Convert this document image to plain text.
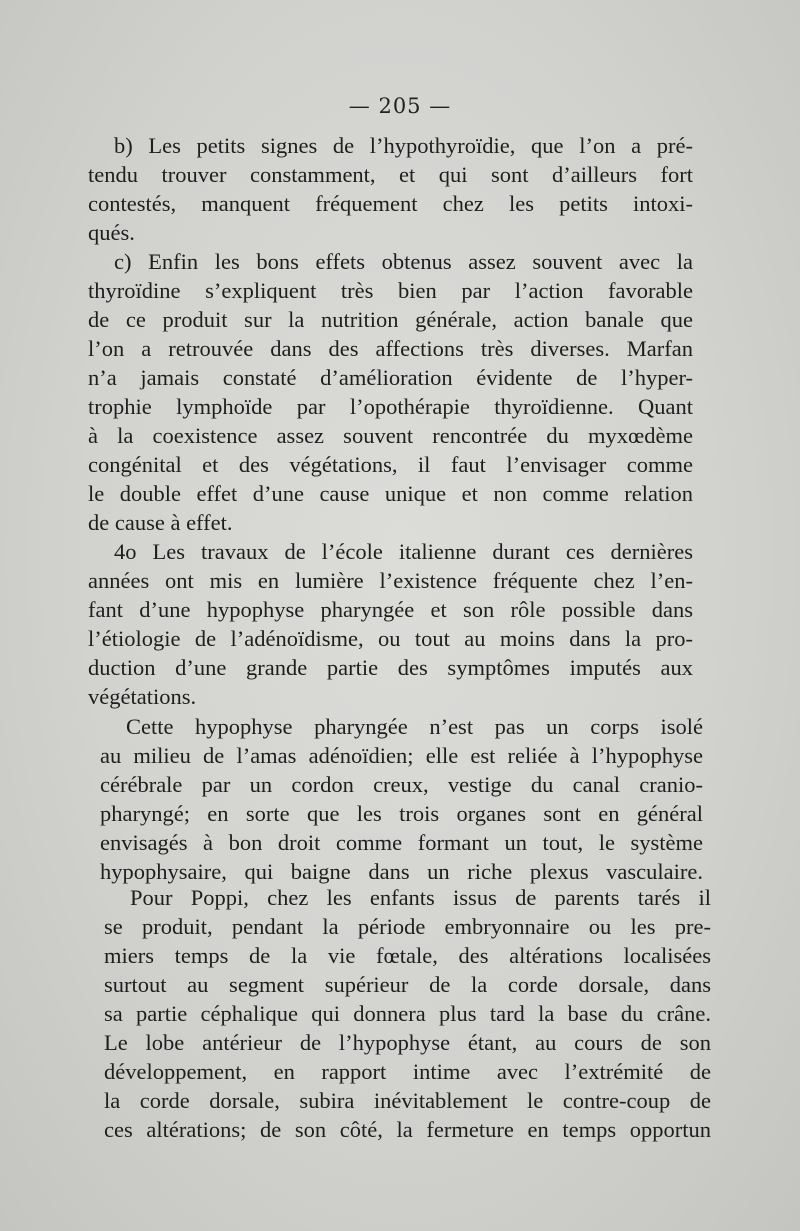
— 205 —
b) Les petits signes de l’hypothyroïdie, que l’on a pré-
tendu trouver constamment, et qui sont d’ailleurs fort
contestés, manquent fréquement chez les petits intoxi-
qués.
c) Enfin les bons effets obtenus assez souvent avec la
thyroïdine s’expliquent très bien par l’action favorable
de ce produit sur la nutrition générale, action banale que
l’on a retrouvée dans des affections très diverses. Marfan
n’a jamais constaté d’amélioration évidente de l’hyper-
trophie lymphoïde par l’opothérapie thyroïdienne. Quant
à la coexistence assez souvent rencontrée du myxœdème
congénital et des végétations, il faut l’envisager comme
le double effet d’une cause unique et non comme relation
de cause à effet.
4o Les travaux de l’école italienne durant ces dernières
années ont mis en lumière l’existence fréquente chez l’en-
fant d’une hypophyse pharyngée et son rôle possible dans
l’étiologie de l’adénoïdisme, ou tout au moins dans la pro-
duction d’une grande partie des symptômes imputés aux
végétations.
Cette hypophyse pharyngée n’est pas un corps isolé
au milieu de l’amas adénoïdien; elle est reliée à l’hypophyse
cérébrale par un cordon creux, vestige du canal cranio-
pharyngé; en sorte que les trois organes sont en général
envisagés à bon droit comme formant un tout, le système
hypophysaire, qui baigne dans un riche plexus vasculaire.
Pour Poppi, chez les enfants issus de parents tarés il
se produit, pendant la période embryonnaire ou les pre-
miers temps de la vie fœtale, des altérations localisées
surtout au segment supérieur de la corde dorsale, dans
sa partie céphalique qui donnera plus tard la base du crâne.
Le lobe antérieur de l’hypophyse étant, au cours de son
développement, en rapport intime avec l’extrémité de
la corde dorsale, subira inévitablement le contre-coup de
ces altérations; de son côté, la fermeture en temps opportun
